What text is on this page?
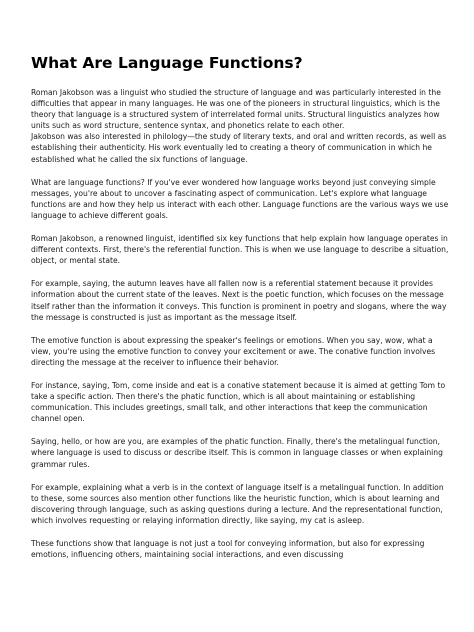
What Are Language Functions?

Roman Jakobson was a linguist who studied the structure of language and was particularly interested in the difficulties that appear in many languages. He was one of the pioneers in structural linguistics, which is the theory that language is a structured system of interrelated formal units. Structural linguistics analyzes how units such as word structure, sentence syntax, and phonetics relate to each other.

Jakobson was also interested in philology—the study of literary texts, and oral and written records, as well as establishing their authenticity. His work eventually led to creating a theory of communication in which he established what he called the six functions of language.

What are language functions? If you've ever wondered how language works beyond just conveying simple messages, you're about to uncover a fascinating aspect of communication. Let's explore what language functions are and how they help us interact with each other. Language functions are the various ways we use language to achieve different goals.

Roman Jakobson, a renowned linguist, identified six key functions that help explain how language operates in different contexts. First, there's the referential function. This is when we use language to describe a situation, object, or mental state.

For example, saying, the autumn leaves have all fallen now is a referential statement because it provides information about the current state of the leaves. Next is the poetic function, which focuses on the message itself rather than the information it conveys. This function is prominent in poetry and slogans, where the way the message is constructed is just as important as the message itself.

The emotive function is about expressing the speaker's feelings or emotions. When you say, wow, what a view, you're using the emotive function to convey your excitement or awe. The conative function involves directing the message at the receiver to influence their behavior.

For instance, saying, Tom, come inside and eat is a conative statement because it is aimed at getting Tom to take a specific action. Then there's the phatic function, which is all about maintaining or establishing communication. This includes greetings, small talk, and other interactions that keep the communication channel open.

Saying, hello, or how are you, are examples of the phatic function. Finally, there's the metalingual function, where language is used to discuss or describe itself. This is common in language classes or when explaining grammar rules.

For example, explaining what a verb is in the context of language itself is a metalingual function. In addition to these, some sources also mention other functions like the heuristic function, which is about learning and discovering through language, such as asking questions during a lecture. And the representational function, which involves requesting or relaying information directly, like saying, my cat is asleep.

These functions show that language is not just a tool for conveying information, but also for expressing emotions, influencing others, maintaining social interactions, and even discussing
